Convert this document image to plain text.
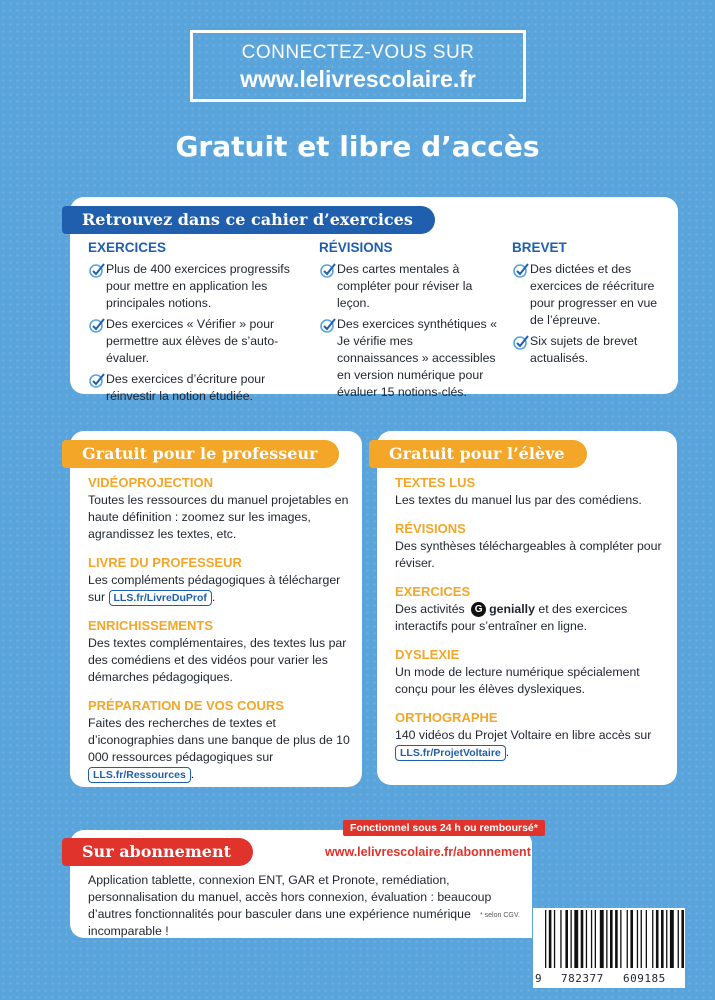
CONNECTEZ-VOUS SUR
www.lelivrescolaire.fr
Gratuit et libre d’accès
Retrouvez dans ce cahier d’exercices
EXERCICES
Plus de 400 exercices progressifs pour mettre en application les principales notions.
Des exercices « Vérifier » pour permettre aux élèves de s’auto-évaluer.
Des exercices d’écriture pour réinvestir la notion étudiée.
RÉVISIONS
Des cartes mentales à compléter pour réviser la leçon.
Des exercices synthétiques « Je vérifie mes connaissances » accessibles en version numérique pour évaluer 15 notions-clés.
BREVET
Des dictées et des exercices de réécriture pour progresser en vue de l’épreuve.
Six sujets de brevet actualisés.
Gratuit pour le professeur
VIDÉOPROJECTION
Toutes les ressources du manuel projetables en haute définition : zoomez sur les images, agrandissez les textes, etc.
LIVRE DU PROFESSEUR
Les compléments pédagogiques à télécharger sur LLS.fr/LivreDuProf .
ENRICHISSEMENTS
Des textes complémentaires, des textes lus par des comédiens et des vidéos pour varier les démarches pédagogiques.
PRÉPARATION DE VOS COURS
Faites des recherches de textes et d’iconographies dans une banque de plus de 10 000 ressources pédagogiques sur LLS.fr/Ressources .
Gratuit pour l’élève
TEXTES LUS
Les textes du manuel lus par des comédiens.
RÉVISIONS
Des synthèses téléchargeables à compléter pour réviser.
EXERCICES
Des activités G genially et des exercices interactifs pour s’entraîner en ligne.
DYSLEXIE
Un mode de lecture numérique spécialement conçu pour les élèves dyslexiques.
ORTHOGRAPHE
140 vidéos du Projet Voltaire en libre accès sur LLS.fr/ProjetVoltaire .
Sur abonnement
Fonctionnel sous 24 h ou remboursé*
www.lelivrescolaire.fr/abonnement
Application tablette, connexion ENT, GAR et Pronote, remédiation, personnalisation du manuel, accès hors connexion, évaluation : beaucoup d’autres fonctionnalités pour basculer dans une expérience numérique incomparable !
* selon CGV.
9 782377 609185
